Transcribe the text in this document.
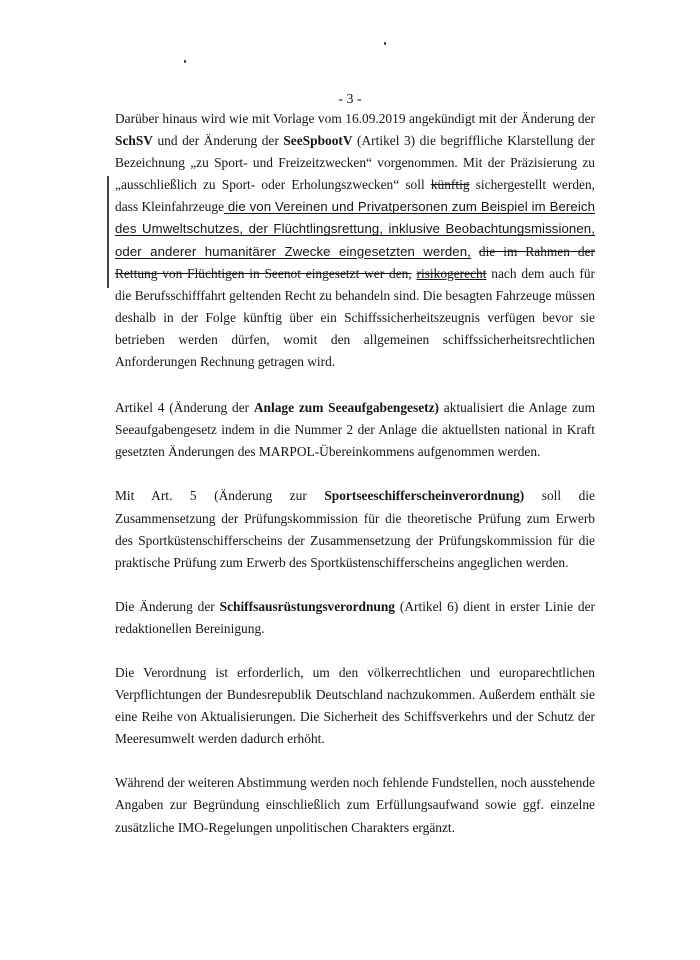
- 3 -

Darüber hinaus wird wie mit Vorlage vom 16.09.2019 angekündigt mit der Änderung der SchSV und der Änderung der SeeSpbootV (Artikel 3) die begriffliche Klarstellung der Bezeichnung „zu Sport- und Freizeitzwecken“ vorgenommen. Mit der Präzisierung zu „ausschließlich zu Sport- oder Erholungszwecken“ soll künftig sichergestellt werden, dass Kleinfahrzeuge die von Vereinen und Privatpersonen zum Beispiel im Bereich des Umweltschutzes, der Flüchtlingsrettung, inklusive Beobachtungsmissionen, oder anderer humanitärer Zwecke eingesetzten werden, die im Rahmen der Rettung von Flüchtigen in Seenot eingesetzt wer den, risikogerecht nach dem auch für die Berufsschifffahrt geltenden Recht zu behandeln sind. Die besagten Fahrzeuge müssen deshalb in der Folge künftig über ein Schiffssicherheitszeugnis verfügen bevor sie betrieben werden dürfen, womit den allgemeinen schiffssicherheitsrechtlichen Anforderungen Rechnung getragen wird.

Artikel 4 (Änderung der Anlage zum Seeaufgabengesetz) aktualisiert die Anlage zum Seeaufgabengesetz indem in die Nummer 2 der Anlage die aktuellsten national in Kraft gesetzten Änderungen des MARPOL-Übereinkommens aufgenommen werden.

Mit Art. 5 (Änderung zur Sportseeschifferscheinverordnung) soll die Zusammensetzung der Prüfungskommission für die theoretische Prüfung zum Erwerb des Sportküstenschifferscheins der Zusammensetzung der Prüfungskommission für die praktische Prüfung zum Erwerb des Sportküstenschifferscheins angeglichen werden.

Die Änderung der Schiffsausrüstungsverordnung (Artikel 6) dient in erster Linie der redaktionellen Bereinigung.

Die Verordnung ist erforderlich, um den völkerrechtlichen und europarechtlichen Verpflichtungen der Bundesrepublik Deutschland nachzukommen. Außerdem enthält sie eine Reihe von Aktualisierungen. Die Sicherheit des Schiffsverkehrs und der Schutz der Meeresumwelt werden dadurch erhöht.

Während der weiteren Abstimmung werden noch fehlende Fundstellen, noch ausstehende Angaben zur Begründung einschließlich zum Erfüllungsaufwand sowie ggf. einzelne zusätzliche IMO-Regelungen unpolitischen Charakters ergänzt.
